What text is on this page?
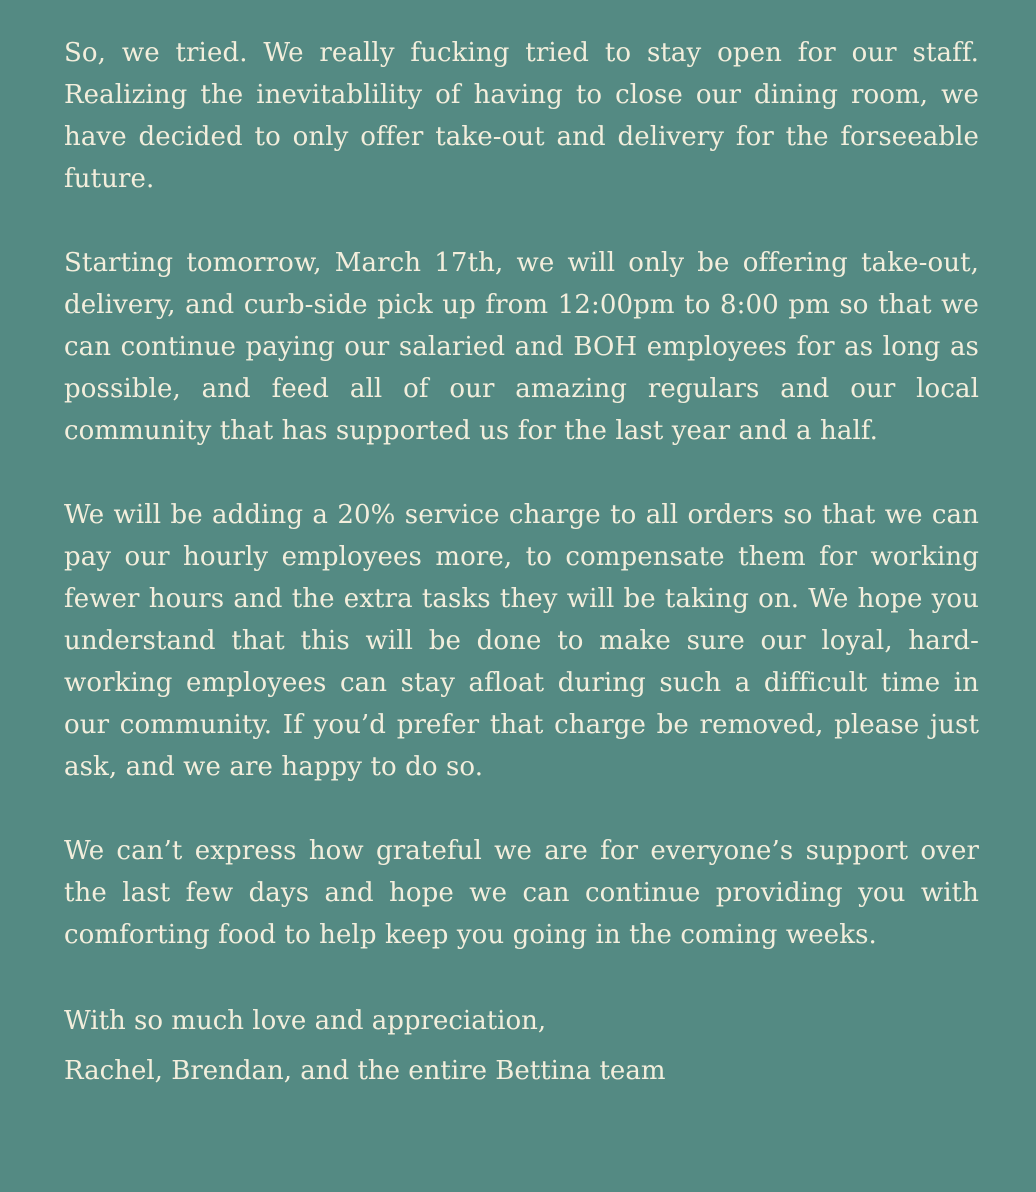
So, we tried. We really fucking tried to stay open for our staff. Realizing the inevitablility of having to close our dining room, we have decided to only offer take-out and delivery for the forseeable future.

Starting tomorrow, March 17th, we will only be offering take-out, delivery, and curb-side pick up from 12:00pm to 8:00 pm so that we can continue paying our salaried and BOH employees for as long as possible, and feed all of our amazing regulars and our local community that has supported us for the last year and a half.

We will be adding a 20% service charge to all orders so that we can pay our hourly employees more, to compensate them for working fewer hours and the extra tasks they will be taking on. We hope you understand that this will be done to make sure our loyal, hard-working employees can stay afloat during such a difficult time in our community. If you’d prefer that charge be removed, please just ask, and we are happy to do so.

We can’t express how grateful we are for everyone’s support over the last few days and hope we can continue providing you with comforting food to help keep you going in the coming weeks.

With so much love and appreciation,

Rachel, Brendan, and the entire Bettina team
